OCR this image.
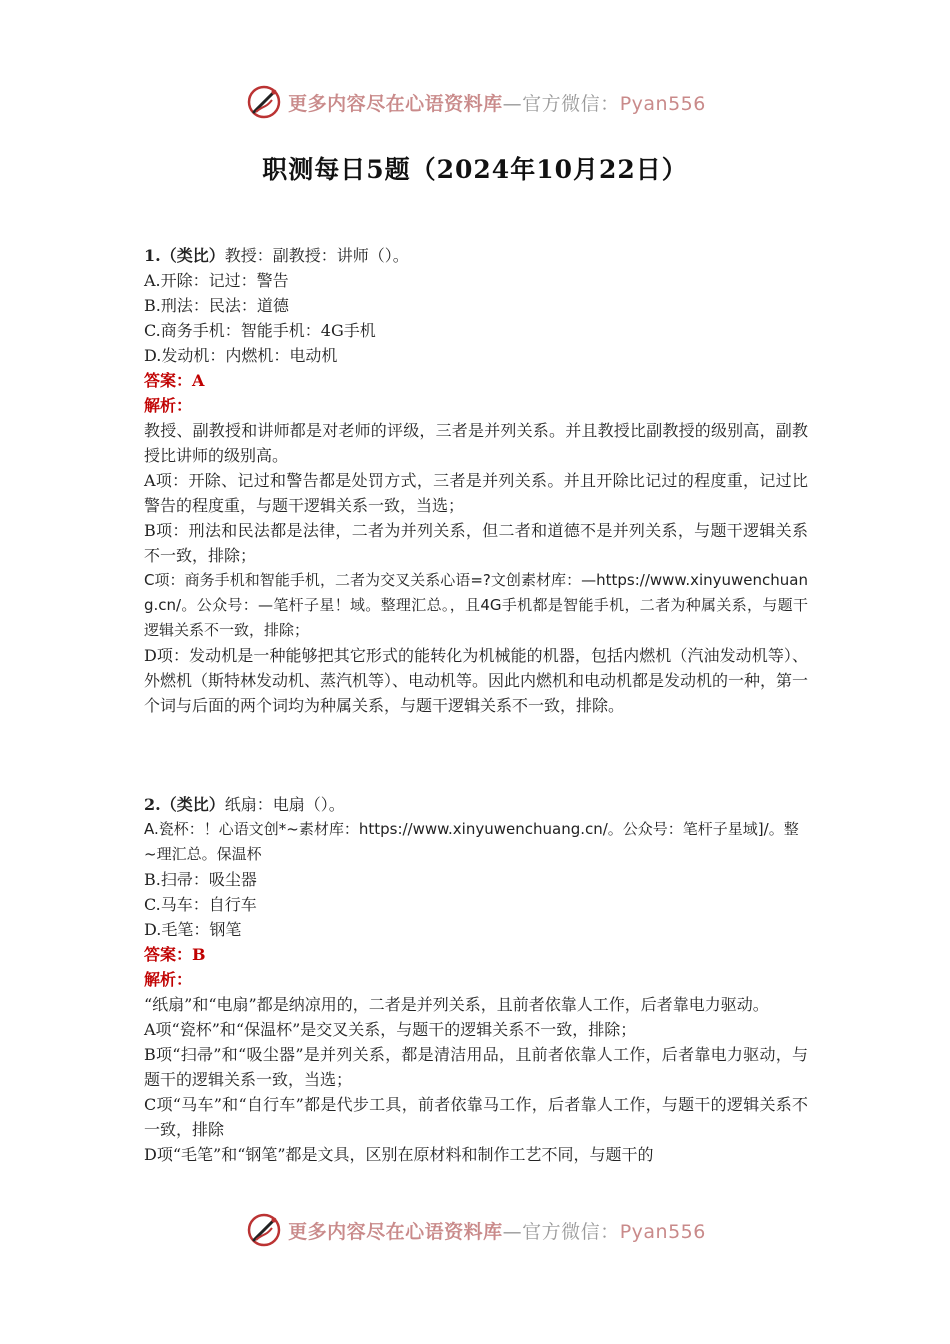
更多内容尽在心语资料库—官方微信：Pyan556
职测每日5题（2024年10月22日）

1.（类比）教授：副教授：讲师（）。

A.开除：记过：警告

B.刑法：民法：道德

C.商务手机：智能手机：4G手机

D.发动机：内燃机：电动机

答案：A

解析：

教授、副教授和讲师都是对老师的评级，三者是并列关系。并且教授比副教授的级别高，副教授比讲师的级别高。

A项：开除、记过和警告都是处罚方式，三者是并列关系。并且开除比记过的程度重，记过比警告的程度重，与题干逻辑关系一致，当选；

B项：刑法和民法都是法律，二者为并列关系，但二者和道德不是并列关系，与题干逻辑关系不一致，排除；

C项：商务手机和智能手机，二者为交叉关系心语=?文创素材库：—https://www.xinyuwenchuang.cn/。公众号：—笔杆子星！域。整理汇总。，且4G手机都是智能手机，二者为种属关系，与题干逻辑关系不一致，排除；

D项：发动机是一种能够把其它形式的能转化为机械能的机器，包括内燃机（汽油发动机等）、外燃机（斯特林发动机、蒸汽机等）、电动机等。因此内燃机和电动机都是发动机的一种，第一个词与后面的两个词均为种属关系，与题干逻辑关系不一致，排除。

2.（类比）纸扇：电扇（）。

A.瓷杯：！心语文创*~素材库：https://www.xinyuwenchuang.cn/。公众号：笔杆子星域]/。整~理汇总。保温杯

B.扫帚：吸尘器

C.马车：自行车

D.毛笔：钢笔

答案：B

解析：

“纸扇”和“电扇”都是纳凉用的，二者是并列关系，且前者依靠人工作，后者靠电力驱动。

A项“瓷杯”和“保温杯”是交叉关系，与题干的逻辑关系不一致，排除；

B项“扫帚”和“吸尘器”是并列关系，都是清洁用品，且前者依靠人工作，后者靠电力驱动，与题干的逻辑关系一致，当选；

C项“马车”和“自行车”都是代步工具，前者依靠马工作，后者靠人工作，与题干的逻辑关系不一致，排除

D项“毛笔”和“钢笔”都是文具，区别在原材料和制作工艺不同，与题干的

更多内容尽在心语资料库—官方微信：Pyan556
